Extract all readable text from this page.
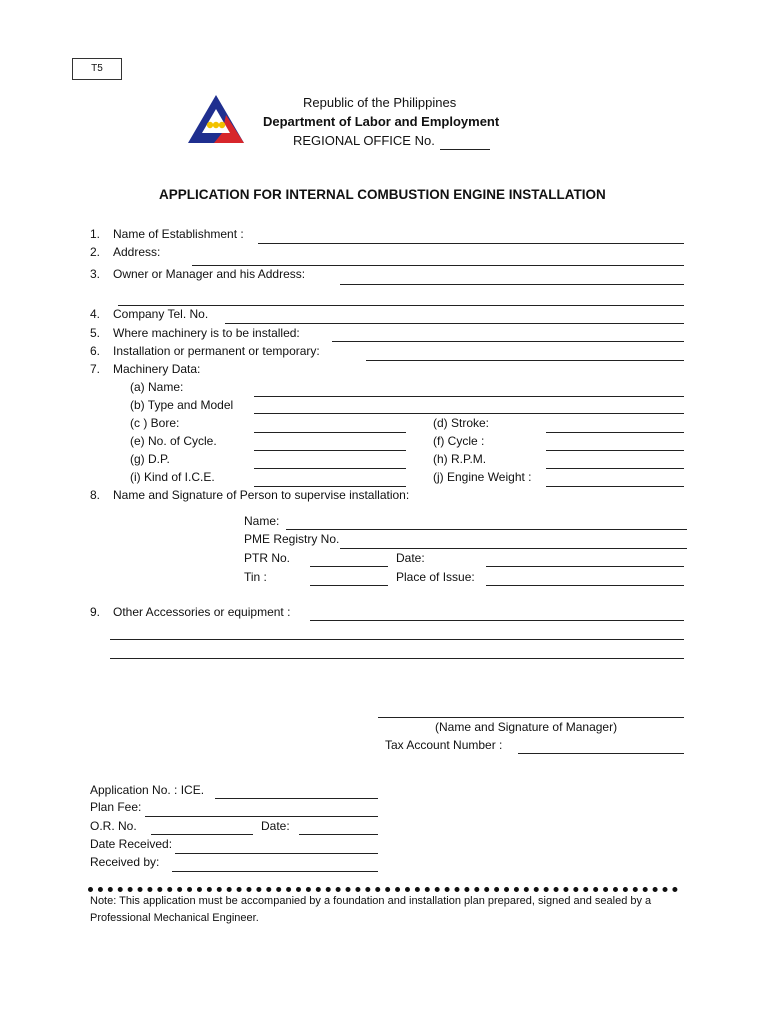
T5
Republic of the Philippines
Department of Labor and Employment
REGIONAL OFFICE No.
APPLICATION FOR INTERNAL COMBUSTION ENGINE INSTALLATION
1.	Name of Establishment :
2.	Address:
3.	Owner or Manager and his Address:
4.	Company Tel. No.
5.	Where machinery is to be installed:
6.	Installation or permanent or temporary:
7.	Machinery Data:
(a) Name:
(b) Type and Model
(c ) Bore:	(d) Stroke:
(e) No. of Cycle.	(f) Cycle :
(g) D.P.	(h) R.P.M.
(i) Kind of I.C.E.	(j) Engine Weight :
8.	Name and Signature of Person to supervise installation:
Name:
PME Registry No.
PTR No.	Date:
Tin :	Place of Issue:
9.	Other Accessories or equipment :
(Name and Signature of Manager)
Tax Account Number :
Application No. : ICE.
Plan Fee:
O.R. No.	Date:
Date Received:
Received by:
Note: This application must be accompanied by a foundation and installation plan prepared, signed and sealed by a Professional Mechanical Engineer.
